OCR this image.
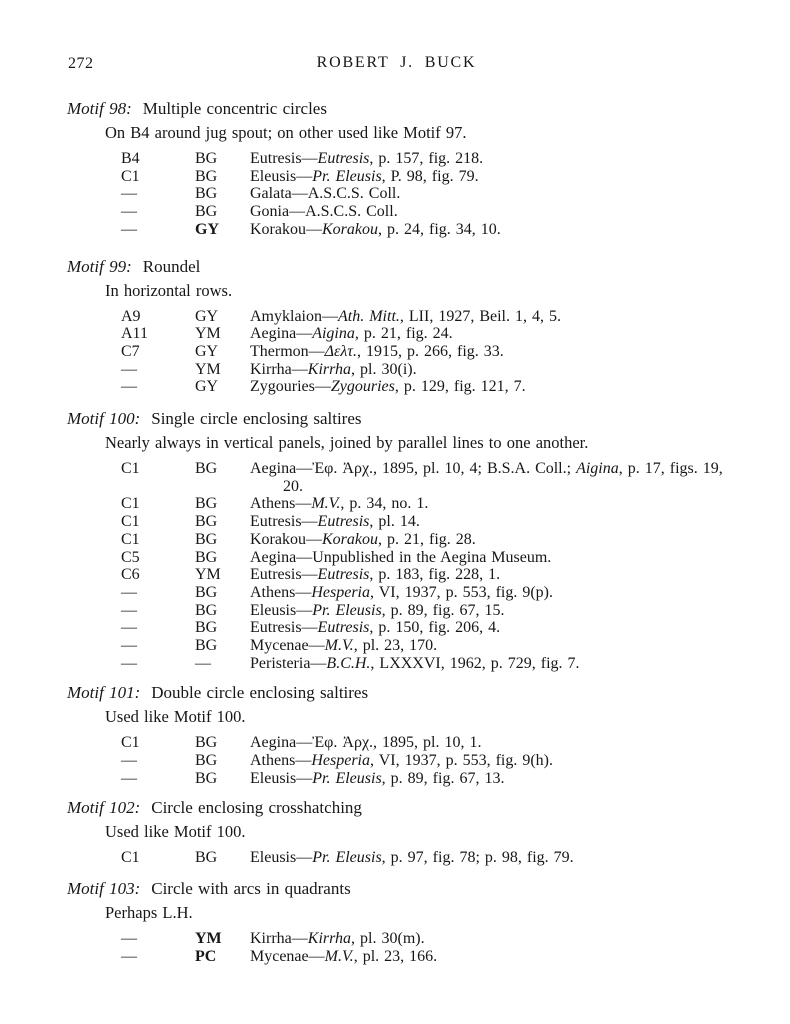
272	ROBERT J. BUCK
Motif 98: Multiple concentric circles
On B4 around jug spout; on other used like Motif 97.
B4	BG	Eutresis—Eutresis, p. 157, fig. 218.
C1	BG	Eleusis—Pr. Eleusis, P. 98, fig. 79.
—	BG	Galata—A.S.C.S. Coll.
—	BG	Gonia—A.S.C.S. Coll.
—	GY	Korakou—Korakou, p. 24, fig. 34, 10.
Motif 99: Roundel
In horizontal rows.
A9	GY	Amyklaion—Ath. Mitt., LII, 1927, Beil. 1, 4, 5.
A11	YM	Aegina—Aigina, p. 21, fig. 24.
C7	GY	Thermon—Δελτ., 1915, p. 266, fig. 33.
—	YM	Kirrha—Kirrha, pl. 30(i).
—	GY	Zygouries—Zygouries, p. 129, fig. 121, 7.
Motif 100: Single circle enclosing saltires
Nearly always in vertical panels, joined by parallel lines to one another.
C1	BG	Aegina—Ἐφ. Ἀρχ., 1895, pl. 10, 4; B.S.A. Coll.; Aigina, p. 17, figs. 19, 20.
C1	BG	Athens—M.V., p. 34, no. 1.
C1	BG	Eutresis—Eutresis, pl. 14.
C1	BG	Korakou—Korakou, p. 21, fig. 28.
C5	BG	Aegina—Unpublished in the Aegina Museum.
C6	YM	Eutresis—Eutresis, p. 183, fig. 228, 1.
—	BG	Athens—Hesperia, VI, 1937, p. 553, fig. 9(p).
—	BG	Eleusis—Pr. Eleusis, p. 89, fig. 67, 15.
—	BG	Eutresis—Eutresis, p. 150, fig. 206, 4.
—	BG	Mycenae—M.V., pl. 23, 170.
—	—	Peristeria—B.C.H., LXXXVI, 1962, p. 729, fig. 7.
Motif 101: Double circle enclosing saltires
Used like Motif 100.
C1	BG	Aegina—Ἐφ. Ἀρχ., 1895, pl. 10, 1.
—	BG	Athens—Hesperia, VI, 1937, p. 553, fig. 9(h).
—	BG	Eleusis—Pr. Eleusis, p. 89, fig. 67, 13.
Motif 102: Circle enclosing crosshatching
Used like Motif 100.
C1	BG	Eleusis—Pr. Eleusis, p. 97, fig. 78; p. 98, fig. 79.
Motif 103: Circle with arcs in quadrants
Perhaps L.H.
—	YM	Kirrha—Kirrha, pl. 30(m).
—	PC	Mycenae—M.V., pl. 23, 166.
